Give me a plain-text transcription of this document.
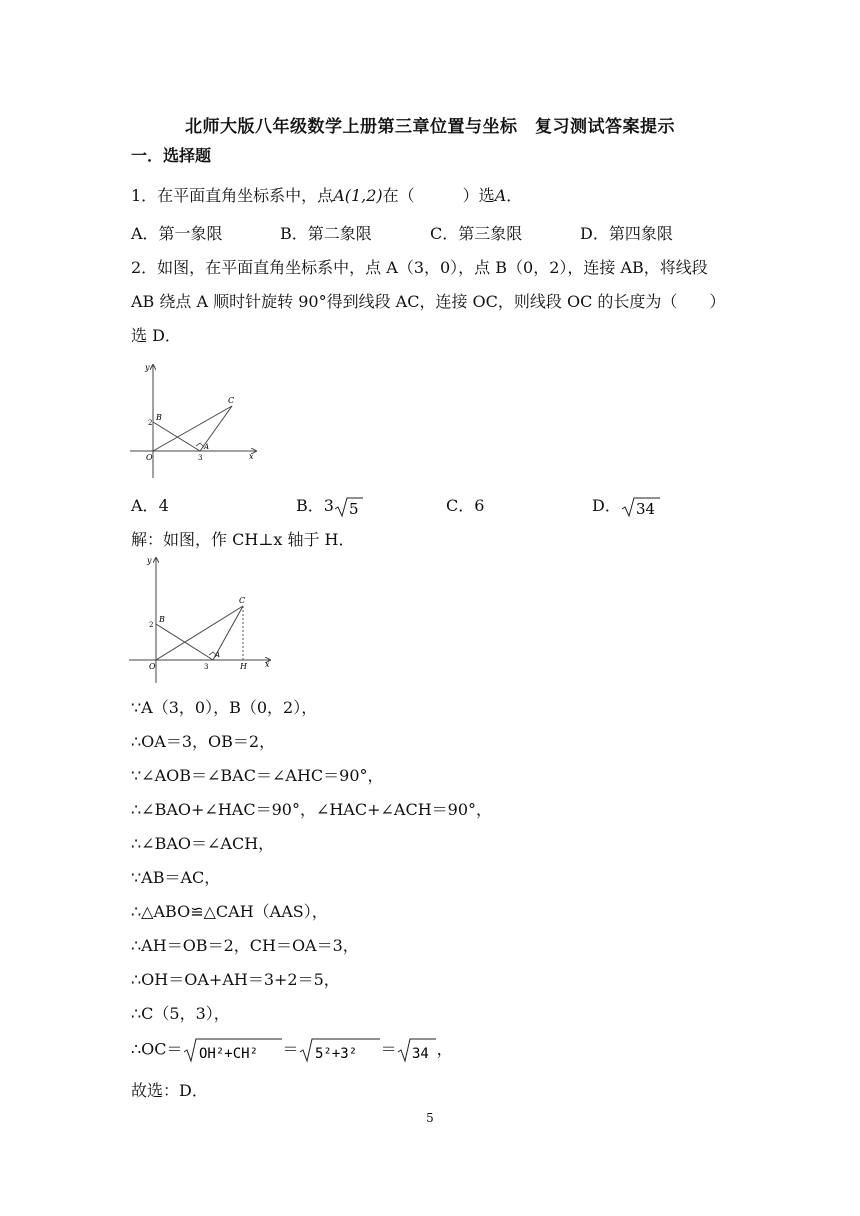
北师大版八年级数学上册第三章位置与坐标　复习测试答案提示
一．选择题
1．在平面直角坐标系中，点A(1,2)在（　　　）选A．
A．第一象限	B．第二象限	C．第三象限	D．第四象限
2．如图，在平面直角坐标系中，点 A（3，0），点 B（0，2），连接 AB，将线段
AB 绕点 A 顺时针旋转 90°得到线段 AC，连接 OC，则线段 OC 的长度为（　　）
选 D．
y
x
O
B
2
A
3
C
A．4	B．3 5	C．6	D． 34
解：如图，作 CH⊥x 轴于 H．
y
x
O
B
2
A
3
C
H
∵A（3，0），B（0，2），
∴OA＝3，OB＝2，
∵∠AOB＝∠BAC＝∠AHC＝90°，
∴∠BAO+∠HAC＝90°，∠HAC+∠ACH＝90°，
∴∠BAO＝∠ACH，
∵AB＝AC，
∴△ABO≌△CAH（AAS），
∴AH＝OB＝2，CH＝OA＝3，
∴OH＝OA+AH＝3+2＝5，
∴C（5，3），
∴OC＝ OH²+CH² ＝ 5²+3² ＝ 34 ，
故选：D．
5
